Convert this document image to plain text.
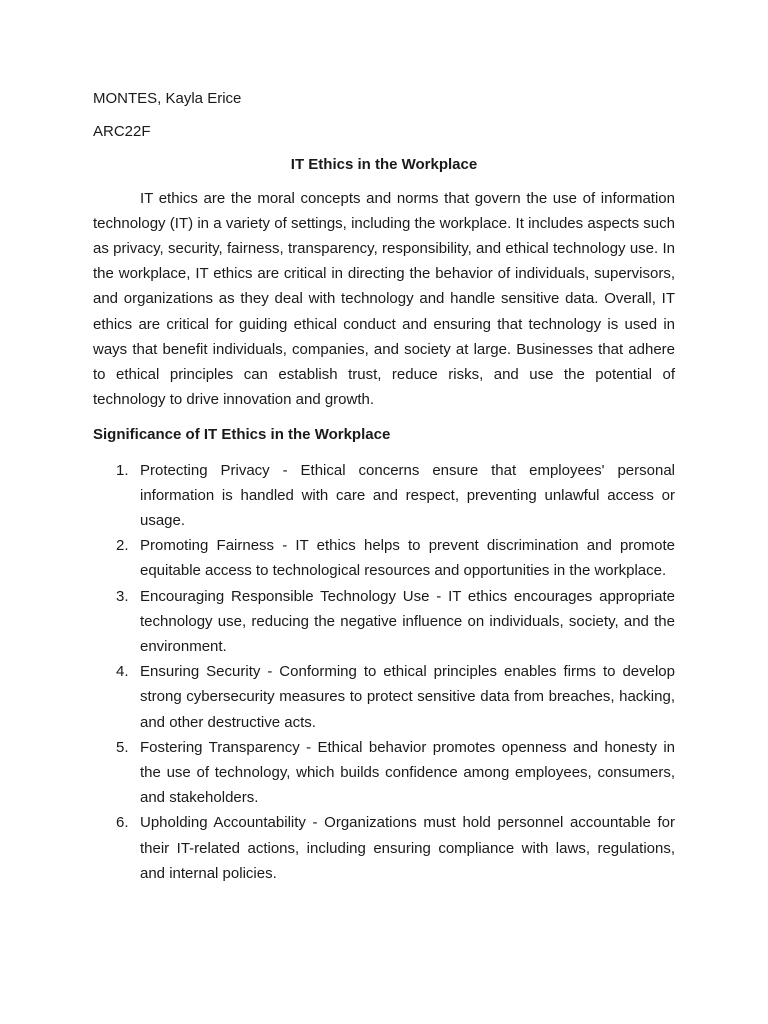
MONTES, Kayla Erice

ARC22F

IT Ethics in the Workplace

IT ethics are the moral concepts and norms that govern the use of information technology (IT) in a variety of settings, including the workplace. It includes aspects such as privacy, security, fairness, transparency, responsibility, and ethical technology use. In the workplace, IT ethics are critical in directing the behavior of individuals, supervisors, and organizations as they deal with technology and handle sensitive data. Overall, IT ethics are critical for guiding ethical conduct and ensuring that technology is used in ways that benefit individuals, companies, and society at large. Businesses that adhere to ethical principles can establish trust, reduce risks, and use the potential of technology to drive innovation and growth.

Significance of IT Ethics in the Workplace

1. Protecting Privacy - Ethical concerns ensure that employees' personal information is handled with care and respect, preventing unlawful access or usage.
2. Promoting Fairness - IT ethics helps to prevent discrimination and promote equitable access to technological resources and opportunities in the workplace.
3. Encouraging Responsible Technology Use - IT ethics encourages appropriate technology use, reducing the negative influence on individuals, society, and the environment.
4. Ensuring Security - Conforming to ethical principles enables firms to develop strong cybersecurity measures to protect sensitive data from breaches, hacking, and other destructive acts.
5. Fostering Transparency - Ethical behavior promotes openness and honesty in the use of technology, which builds confidence among employees, consumers, and stakeholders.
6. Upholding Accountability - Organizations must hold personnel accountable for their IT-related actions, including ensuring compliance with laws, regulations, and internal policies.
